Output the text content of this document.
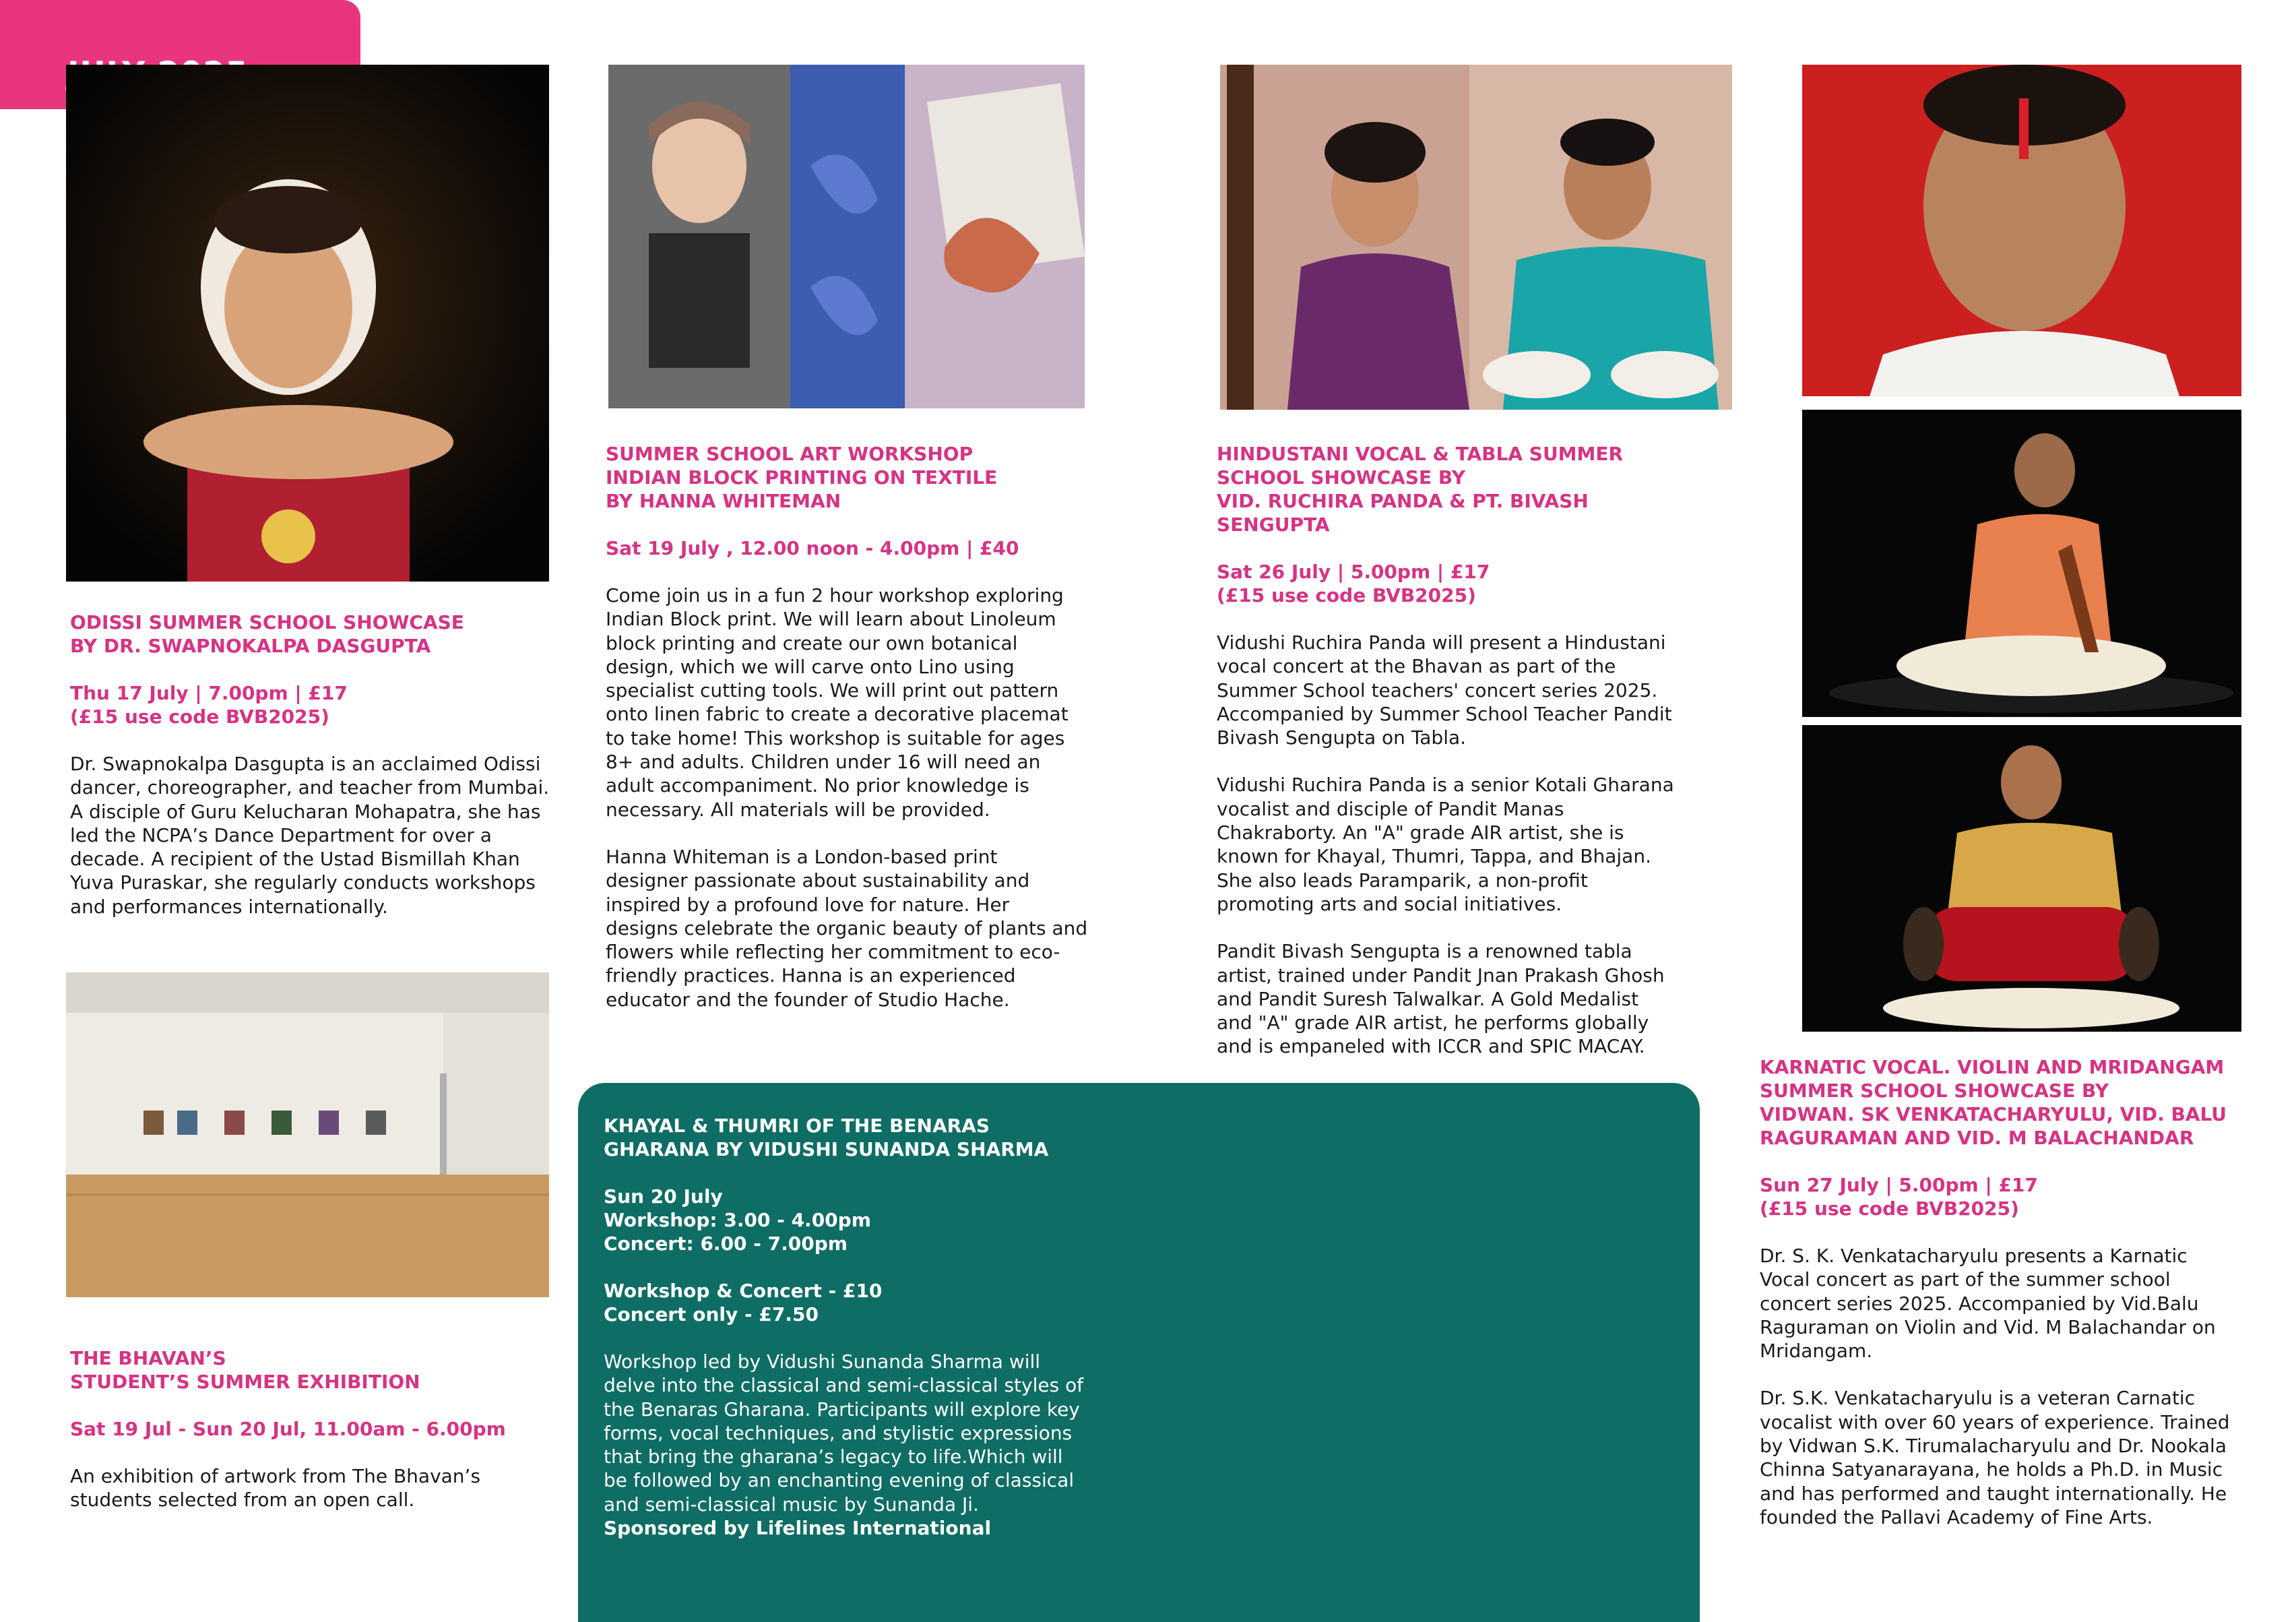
ODISSI SUMMER SCHOOL SHOWCASE

BY DR. SWAPNOKALPA DASGUPTA

Thu 17 July | 7.00pm | £17

(£15 use code BVB2025)

Dr. Swapnokalpa Dasgupta is an acclaimed Odissi

dancer, choreographer, and teacher from Mumbai.

A disciple of Guru Kelucharan Mohapatra, she has

led the NCPA’s Dance Department for over a

decade. A recipient of the Ustad Bismillah Khan

Yuva Puraskar, she regularly conducts workshops

and performances internationally.

THE BHAVAN’S

STUDENT’S SUMMER EXHIBITION

Sat 19 Jul - Sun 20 Jul, 11.00am - 6.00pm

An exhibition of artwork from The Bhavan’s

students selected from an open call.

SUMMER SCHOOL ART WORKSHOP

INDIAN BLOCK PRINTING ON TEXTILE

BY HANNA WHITEMAN

Sat 19 July , 12.00 noon - 4.00pm | £40

Come join us in a fun 2 hour workshop exploring

Indian Block print. We will learn about Linoleum

block printing and create our own botanical

design, which we will carve onto Lino using

specialist cutting tools. We will print out pattern

onto linen fabric to create a decorative placemat

to take home! This workshop is suitable for ages

8+ and adults. Children under 16 will need an

adult accompaniment. No prior knowledge is

necessary. All materials will be provided.

Hanna Whiteman is a London-based print

designer passionate about sustainability and

inspired by a profound love for nature. Her

designs celebrate the organic beauty of plants and

flowers while reflecting her commitment to eco-

friendly practices. Hanna is an experienced

educator and the founder of Studio Hache.

HINDUSTANI VOCAL & TABLA SUMMER

SCHOOL SHOWCASE BY

VID. RUCHIRA PANDA & PT. BIVASH

SENGUPTA

Sat 26 July | 5.00pm | £17

(£15 use code BVB2025)

Vidushi Ruchira Panda will present a Hindustani

vocal concert at the Bhavan as part of the

Summer School teachers' concert series 2025.

Accompanied by Summer School Teacher Pandit

Bivash Sengupta on Tabla.

Vidushi Ruchira Panda is a senior Kotali Gharana

vocalist and disciple of Pandit Manas

Chakraborty. An "A" grade AIR artist, she is

known for Khayal, Thumri, Tappa, and Bhajan.

She also leads Paramparik, a non-profit

promoting arts and social initiatives.

Pandit Bivash Sengupta is a renowned tabla

artist, trained under Pandit Jnan Prakash Ghosh

and Pandit Suresh Talwalkar. A Gold Medalist

and "A" grade AIR artist, he performs globally

and is empaneled with ICCR and SPIC MACAY.

KARNATIC VOCAL. VIOLIN AND MRIDANGAM

SUMMER SCHOOL SHOWCASE BY

VIDWAN. SK VENKATACHARYULU, VID. BALU

RAGURAMAN AND VID. M BALACHANDAR

Sun 27 July | 5.00pm | £17

(£15 use code BVB2025)

Dr. S. K. Venkatacharyulu presents a Karnatic

Vocal concert as part of the summer school

concert series 2025. Accompanied by Vid.Balu

Raguraman on Violin and Vid. M Balachandar on

Mridangam.

Dr. S.K. Venkatacharyulu is a veteran Carnatic

vocalist with over 60 years of experience. Trained

by Vidwan S.K. Tirumalacharyulu and Dr. Nookala

Chinna Satyanarayana, he holds a Ph.D. in Music

and has performed and taught internationally. He

founded the Pallavi Academy of Fine Arts.

KHAYAL & THUMRI OF THE BENARAS

GHARANA BY VIDUSHI SUNANDA SHARMA

Sun 20 July

Workshop: 3.00 - 4.00pm

Concert: 6.00 - 7.00pm

Workshop & Concert - £10

Concert only - £7.50

Workshop led by Vidushi Sunanda Sharma will

delve into the classical and semi-classical styles of

the Benaras Gharana. Participants will explore key

forms, vocal techniques, and stylistic expressions

that bring the gharana’s legacy to life.Which will

be followed by an enchanting evening of classical

and semi-classical music by Sunanda Ji.

Sponsored by Lifelines International
